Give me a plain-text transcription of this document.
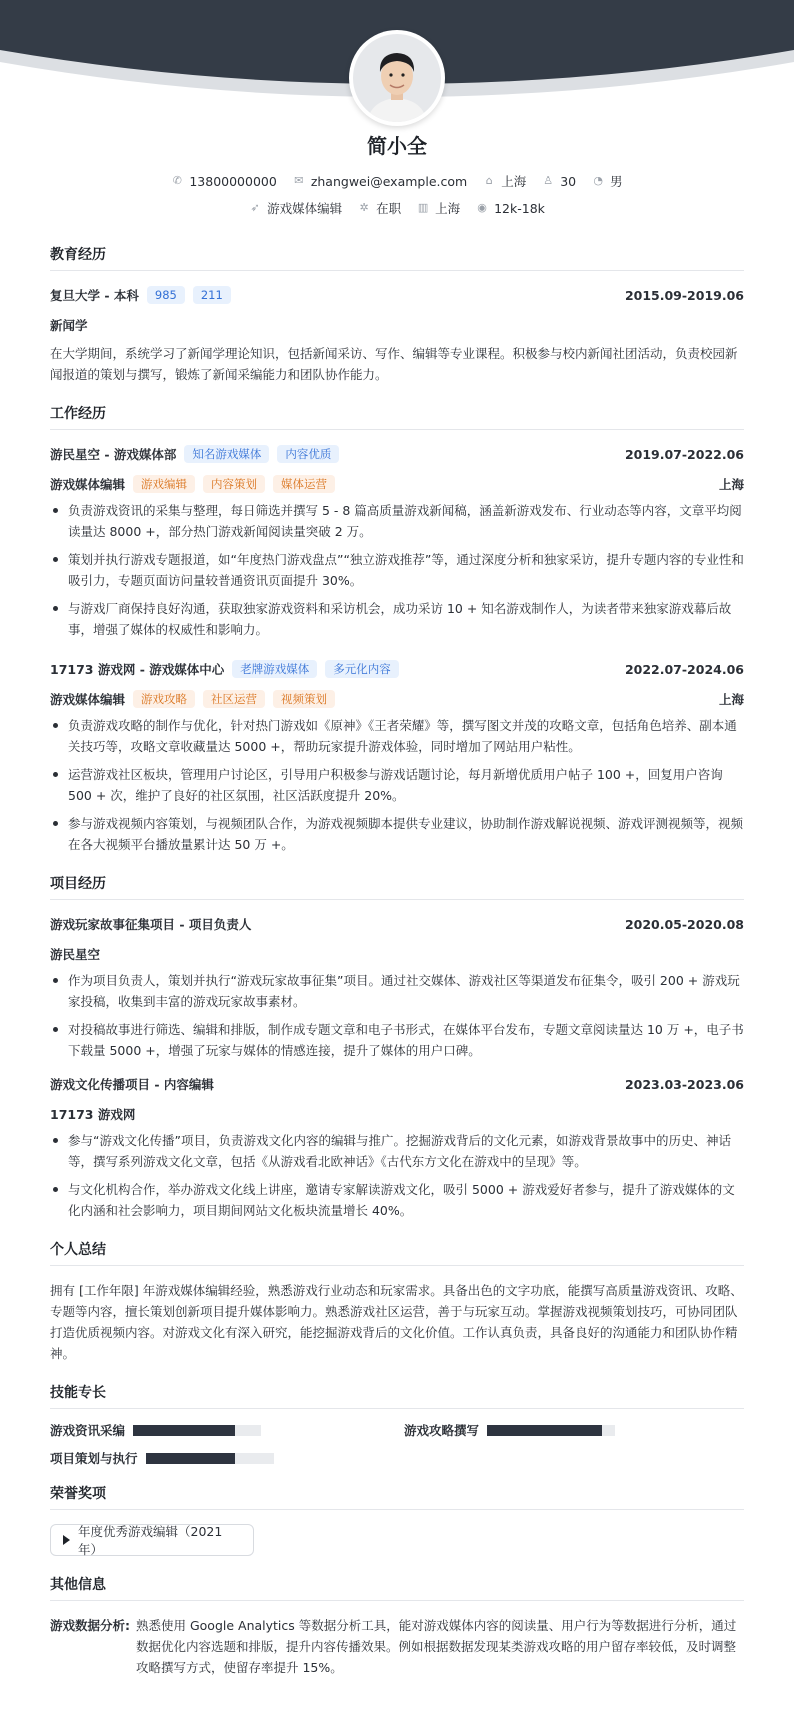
简小全
✆ 13800000000 ✉ zhangwei@example.com ⌂ 上海 ♙ 30 ◔ 男
➶ 游戏媒体编辑 ✲ 在职 ▥ 上海 ◉ 12k-18k
教育经历
复旦大学 - 本科	985	211	2015.09-2019.06
新闻学
在大学期间，系统学习了新闻学理论知识，包括新闻采访、写作、编辑等专业课程。积极参与校内新闻社团活动，负责校园新闻报道的策划与撰写，锻炼了新闻采编能力和团队协作能力。
工作经历
游民星空 - 游戏媒体部	知名游戏媒体	内容优质	2019.07-2022.06
游戏媒体编辑	游戏编辑	内容策划	媒体运营	上海
负责游戏资讯的采集与整理，每日筛选并撰写 5 - 8 篇高质量游戏新闻稿，涵盖新游戏发布、行业动态等内容，文章平均阅读量达 8000 +，部分热门游戏新闻阅读量突破 2 万。
策划并执行游戏专题报道，如“年度热门游戏盘点”“独立游戏推荐”等，通过深度分析和独家采访，提升专题内容的专业性和吸引力，专题页面访问量较普通资讯页面提升 30%。
与游戏厂商保持良好沟通，获取独家游戏资料和采访机会，成功采访 10 + 知名游戏制作人，为读者带来独家游戏幕后故事，增强了媒体的权威性和影响力。
17173 游戏网 - 游戏媒体中心	老牌游戏媒体	多元化内容	2022.07-2024.06
游戏媒体编辑	游戏攻略	社区运营	视频策划	上海
负责游戏攻略的制作与优化，针对热门游戏如《原神》《王者荣耀》等，撰写图文并茂的攻略文章，包括角色培养、副本通关技巧等，攻略文章收藏量达 5000 +，帮助玩家提升游戏体验，同时增加了网站用户粘性。
运营游戏社区板块，管理用户讨论区，引导用户积极参与游戏话题讨论，每月新增优质用户帖子 100 +，回复用户咨询 500 + 次，维护了良好的社区氛围，社区活跃度提升 20%。
参与游戏视频内容策划，与视频团队合作，为游戏视频脚本提供专业建议，协助制作游戏解说视频、游戏评测视频等，视频在各大视频平台播放量累计达 50 万 +。
项目经历
游戏玩家故事征集项目 - 项目负责人	2020.05-2020.08
游民星空
作为项目负责人，策划并执行“游戏玩家故事征集”项目。通过社交媒体、游戏社区等渠道发布征集令，吸引 200 + 游戏玩家投稿，收集到丰富的游戏玩家故事素材。
对投稿故事进行筛选、编辑和排版，制作成专题文章和电子书形式，在媒体平台发布，专题文章阅读量达 10 万 +，电子书下载量 5000 +，增强了玩家与媒体的情感连接，提升了媒体的用户口碑。
游戏文化传播项目 - 内容编辑	2023.03-2023.06
17173 游戏网
参与“游戏文化传播”项目，负责游戏文化内容的编辑与推广。挖掘游戏背后的文化元素，如游戏背景故事中的历史、神话等，撰写系列游戏文化文章，包括《从游戏看北欧神话》《古代东方文化在游戏中的呈现》等。
与文化机构合作，举办游戏文化线上讲座，邀请专家解读游戏文化，吸引 5000 + 游戏爱好者参与，提升了游戏媒体的文化内涵和社会影响力，项目期间网站文化板块流量增长 40%。
个人总结
拥有 [工作年限] 年游戏媒体编辑经验，熟悉游戏行业动态和玩家需求。具备出色的文字功底，能撰写高质量游戏资讯、攻略、专题等内容，擅长策划创新项目提升媒体影响力。熟悉游戏社区运营，善于与玩家互动。掌握游戏视频策划技巧，可协同团队打造优质视频内容。对游戏文化有深入研究，能挖掘游戏背后的文化价值。工作认真负责，具备良好的沟通能力和团队协作精神。
技能专长
游戏资讯采编	游戏攻略撰写
项目策划与执行
荣誉奖项
年度优秀游戏编辑（2021 年）
其他信息
游戏数据分析: 熟悉使用 Google Analytics 等数据分析工具，能对游戏媒体内容的阅读量、用户行为等数据进行分析，通过数据优化内容选题和排版，提升内容传播效果。例如根据数据发现某类游戏攻略的用户留存率较低，及时调整攻略撰写方式，使留存率提升 15%。
